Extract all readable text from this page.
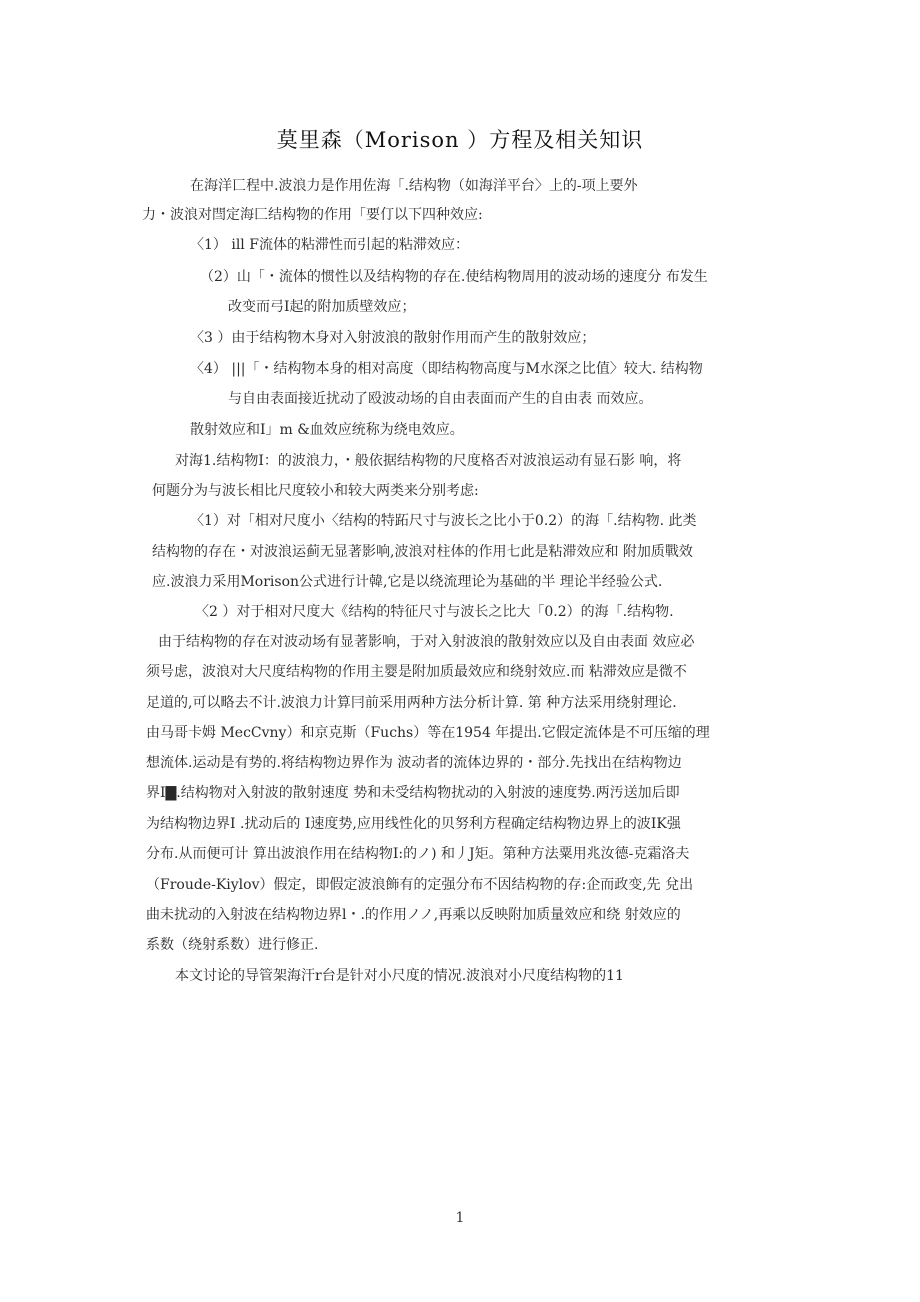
莫里森（Morison ）方程及相关知识
在海洋匸程中.波浪力是作用佐海「.结构物（如海洋平台〉上的-项上要外
力・波浪对閆定海匚结构物的作用「要仃以下四种效应:
〈1） ill F流体的粘滞性而引起的粘滞效应：
（2）山「・流体的惯性以及结构物的存在.使结构物周用的波动场的速度分 布发生
改变而弓I起的附加质壁效应；
〈3 ）由于结构物木身对入射波浪的散射作用而产生的散射效应；
〈4） |||「・结构物本身的相对高度（即结构物高度与M水深之比值〉较大. 结构物
与自由表面接近扰动了殴波动场的自由表面而产生的自由表 而效应。
散射效应和I」m &血效应统称为绕电效应。
对海1.结构物I：的波浪力，・般依据结构物的尺度格否对波浪运动有显石影 响，将
何题分为与波长相比尺度较小和较大两类来分别考虑:
〈1）对「相对尺度小〈结构的特跖尺寸与波长之比小于0.2）的海「.结构物. 此类
结构物的存在・对波浪运蓟无显著影响,波浪对柱体的作用七此是粘滞效应和 附加质戰效
应.波浪力采用Morison公式进行计韓,它是以绕流理论为基础的半 理论半经验公式.
〈2 ）对于相对尺度大《结构的特征尺寸与波长之比大「0.2）的海「.结构物.
由于结构物的存在对波动场有显著影响，于对入射波浪的散射效应以及自由表面 效应必
须号虑，波浪对大尺度结构物的作用主婴是附加质最效应和绕射效应.而 粘滞效应是微不
足道的,可以略去不计.波浪力计算冃前采用两种方法分析计算. 第 种方法采用绕射理论.
由马哥卡姆 MecCvny）和京克斯（Fuchs）等在1954 年提出.它假定流体是不可压缩的理
想流体.运动是有势的.将结构物边界作为 波动者的流体边界的・部分.先找出在结构物边
界I▇.结构物对入射波的散射速度 势和未受结构物扰动的入射波的速度势.两汚送加后即
为结构物边界I .扰动后的 I速度势,应用线性化的贝努利方程确定结构物边界上的波IK强
分布.从而便可计 算出波浪作用在结构物I:的ノ) 和丿J矩。第种方法粟用兆汝德-克霜洛夫
（Froude-Kiylov）假定，即假定波浪飾有的定强分布不因结构物的存:企而政变,先 兌出
曲未扰动的入射波在结构物边界l・.的作用ノノ,再乘以反映附加质量效应和绕 射效应的
系数（绕射系数）进行修正.
本文讨论的导管架海汗r台是针对小尺度的情况.波浪对小尺度结构物的11
1
